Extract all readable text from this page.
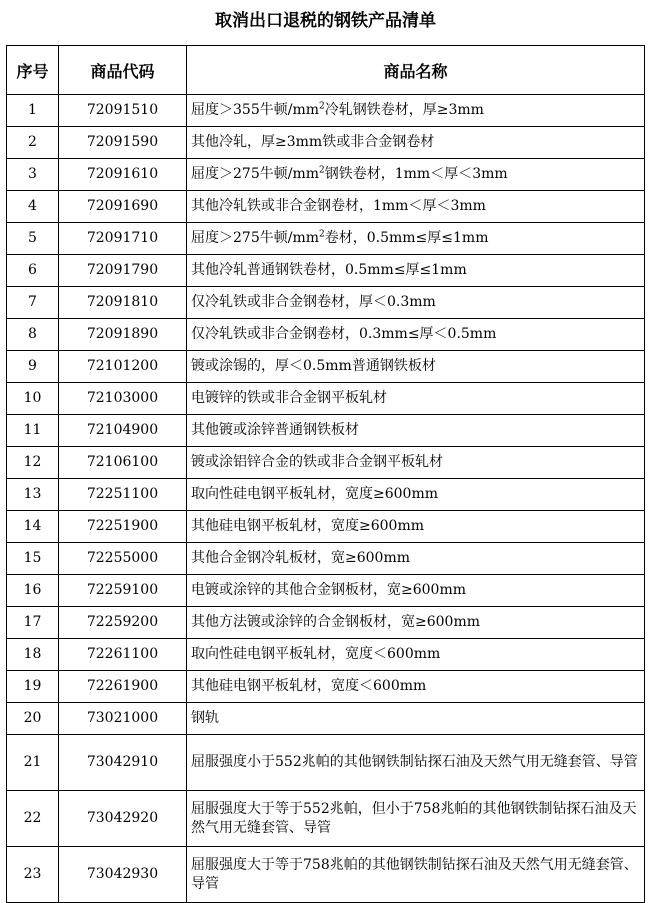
取消出口退税的钢铁产品清单
序号	商品代码	商品名称
1	72091510	屈度＞355牛顿$/mm^2$冷轧钢铁卷材，厚≥3mm
2	72091590	其他冷轧，厚≥3mm铁或非合金钢卷材
3	72091610	屈度＞275牛顿$/mm^2$钢铁卷材，1mm＜厚＜3mm
4	72091690	其他冷轧铁或非合金钢卷材，1mm＜厚＜3mm
5	72091710	屈度＞275牛顿$/mm^2$卷材，0.5mm≤厚≤1mm
6	72091790	其他冷轧普通钢铁卷材，0.5mm≤厚≤1mm
7	72091810	仅冷轧铁或非合金钢卷材，厚＜0.3mm
8	72091890	仅冷轧铁或非合金钢卷材，0.3mm≤厚＜0.5mm
9	72101200	镀或涂锡的，厚＜0.5mm普通钢铁板材
10	72103000	电镀锌的铁或非合金钢平板轧材
11	72104900	其他镀或涂锌普通钢铁板材
12	72106100	镀或涂铝锌合金的铁或非合金钢平板轧材
13	72251100	取向性硅电钢平板轧材，宽度≥600mm
14	72251900	其他硅电钢平板轧材，宽度≥600mm
15	72255000	其他合金钢冷轧板材，宽≥600mm
16	72259100	电镀或涂锌的其他合金钢板材，宽≥600mm
17	72259200	其他方法镀或涂锌的合金钢板材，宽≥600mm
18	72261100	取向性硅电钢平板轧材，宽度＜600mm
19	72261900	其他硅电钢平板轧材，宽度＜600mm
20	73021000	钢轨
21	73042910	屈服强度小于552兆帕的其他钢铁制钻探石油及天然气用无缝套管、导管
22	73042920	屈服强度大于等于552兆帕，但小于758兆帕的其他钢铁制钻探石油及天然气用无缝套管、导管
23	73042930	屈服强度大于等于758兆帕的其他钢铁制钻探石油及天然气用无缝套管、导管
